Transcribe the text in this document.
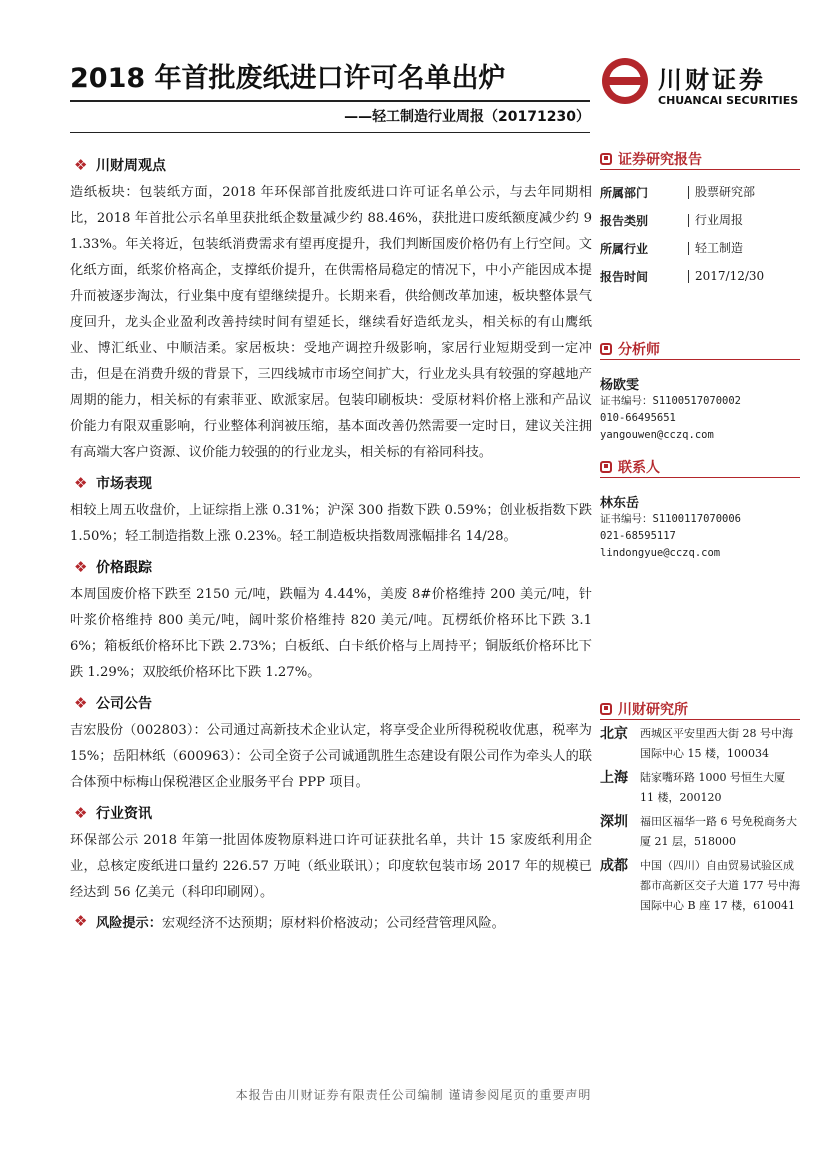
2018 年首批废纸进口许可名单出炉
——轻工制造行业周报（20171230）
川财证券
CHUANCAI SECURITIES
❖ 川财周观点

造纸板块：包装纸方面，2018 年环保部首批废纸进口许可证名单公示，与去年同期相比，2018 年首批公示名单里获批纸企数量减少约 88.46%，获批进口废纸额度减少约 91.33%。年关将近，包装纸消费需求有望再度提升，我们判断国废价格仍有上行空间。文化纸方面，纸浆价格高企，支撑纸价提升，在供需格局稳定的情况下，中小产能因成本提升而被逐步淘汰，行业集中度有望继续提升。长期来看，供给侧改革加速，板块整体景气度回升，龙头企业盈利改善持续时间有望延长，继续看好造纸龙头，相关标的有山鹰纸业、博汇纸业、中顺洁柔。家居板块：受地产调控升级影响，家居行业短期受到一定冲击，但是在消费升级的背景下，三四线城市市场空间扩大，行业龙头具有较强的穿越地产周期的能力，相关标的有索菲亚、欧派家居。包装印刷板块：受原材料价格上涨和产品议价能力有限双重影响，行业整体利润被压缩，基本面改善仍然需要一定时日，建议关注拥有高端大客户资源、议价能力较强的的行业龙头，相关标的有裕同科技。

❖ 市场表现

相较上周五收盘价，上证综指上涨 0.31%；沪深 300 指数下跌 0.59%；创业板指数下跌 1.50%；轻工制造指数上涨 0.23%。轻工制造板块指数周涨幅排名 14/28。

❖ 价格跟踪

本周国废价格下跌至 2150 元/吨，跌幅为 4.44%，美废 8#价格维持 200 美元/吨，针叶浆价格维持 800 美元/吨，阔叶浆价格维持 820 美元/吨。瓦楞纸价格环比下跌 3.16%；箱板纸价格环比下跌 2.73%；白板纸、白卡纸价格与上周持平；铜版纸价格环比下跌 1.29%；双胶纸价格环比下跌 1.27%。

❖ 公司公告

吉宏股份（002803）：公司通过高新技术企业认定，将享受企业所得税税收优惠，税率为 15%；岳阳林纸（600963）：公司全资子公司诚通凯胜生态建设有限公司作为牵头人的联合体预中标梅山保税港区企业服务平台 PPP 项目。

❖ 行业资讯

环保部公示 2018 年第一批固体废物原料进口许可证获批名单，共计 15 家废纸利用企业，总核定废纸进口量约 226.57 万吨（纸业联讯）；印度软包装市场 2017 年的规模已经达到 56 亿美元（科印印刷网）。

❖ 风险提示： 宏观经济不达预期；原材料价格波动；公司经营管理风险。
证券研究报告
所属部门	股票研究部
报告类别	行业周报
所属行业	轻工制造
报告时间	2017/12/30
分析师
杨欧雯
证书编号：S1100517070002
010-66495651
yangouwen@cczq.com
联系人
林东岳
证书编号：S1100117070006
021-68595117
lindongyue@cczq.com
川财研究所
北京	西城区平安里西大街 28 号中海国际中心 15 楼，100034
上海	陆家嘴环路 1000 号恒生大厦 11 楼，200120
深圳	福田区福华一路 6 号免税商务大厦 21 层，518000
成都	中国（四川）自由贸易试验区成都市高新区交子大道 177 号中海国际中心 B 座 17 楼，610041
本报告由川财证券有限责任公司编制 谨请参阅尾页的重要声明
